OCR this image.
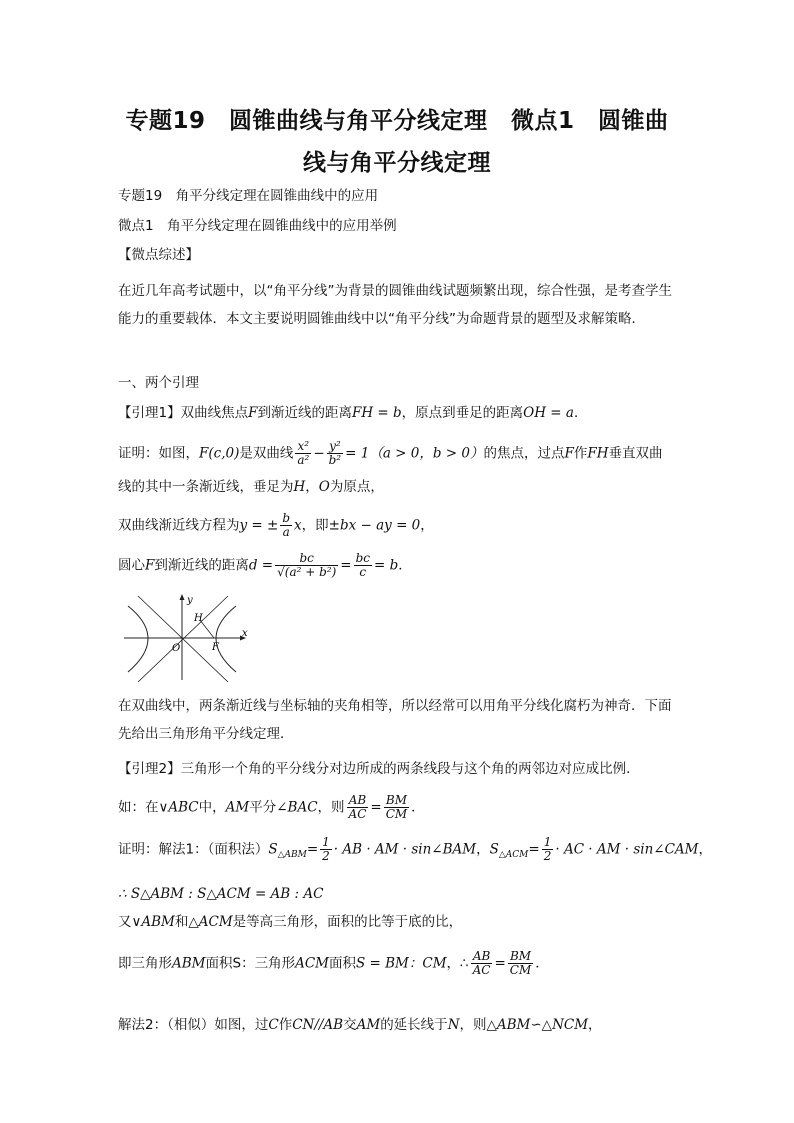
专题19　圆锥曲线与角平分线定理　微点1　圆锥曲
线与角平分线定理
专题19　角平分线定理在圆锥曲线中的应用
微点1　角平分线定理在圆锥曲线中的应用举例
【微点综述】
在近几年高考试题中，以“角平分线”为背景的圆锥曲线试题频繁出现，综合性强，是考查学生能力的重要载体．本文主要说明圆锥曲线中以“角平分线”为命题背景的题型及求解策略．
一、两个引理
【引理1】双曲线焦点F到渐近线的距离FH = b，原点到垂足的距离OH = a．
证明：如图，F(c,0)是双曲线 $\frac{\text{x²}}{\text{a²}} - \frac{\text{y²}}{\text{b²}} = 1(a > 0$，b > 0）的焦点，过点F作FH垂直双曲
线的其中一条渐近线，垂足为H，O为原点，
双曲线渐近线方程为y = ± $\frac{b}{a}$ x，即±bx − ay = 0，
圆心F到渐近线的距离$d = \frac{bc}{\text{√(a² + b²)}} = \frac{bc}{c} = b$．
y
x
O
H
F
在双曲线中，两条渐近线与坐标轴的夹角相等，所以经常可以用角平分线化腐朽为神奇．下面先给出三角形角平分线定理．
【引理2】三角形一个角的平分线分对边所成的两条线段与这个角的两邻边对应成比例．
如：在∨ABC中，AM平分∠BAC，则 $\frac{AB}{AC} = \frac{BM}{CM}$ ．
证明：解法1：（面积法）$S_{\triangle ABM}= \frac{1}{2}$ · AB · AM · sin∠BAM，$S_{\triangle ACM}= \frac{1}{2}$ · AC · AM · sin∠CAM，
∴ S△ABM : S△ACM = AB : AC
又∨ABM和△ACM是等高三角形，面积的比等于底的比，
即三角形ABM面积S：三角形ACM面积S = BM：CM，∴ $\frac{AB}{AC} = \frac{BM}{CM}$ ．
解法2：（相似）如图，过C作CN//AB交AM的延长线于N，则△ABM∽△NCM，
